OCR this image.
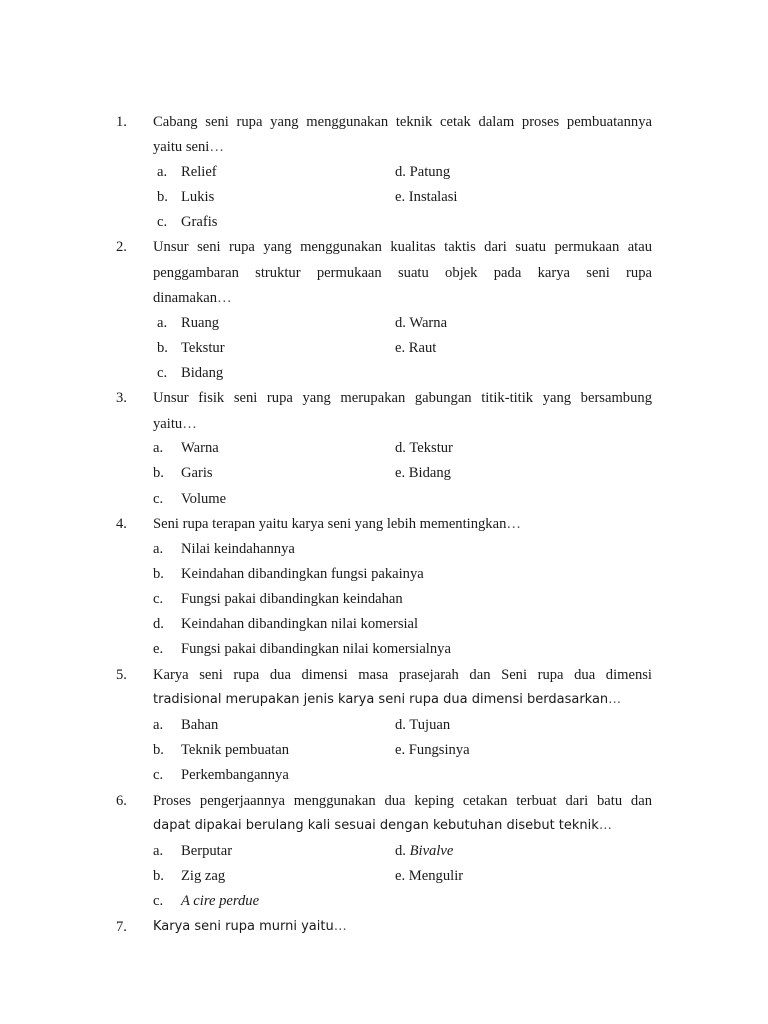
1. Cabang seni rupa yang menggunakan teknik cetak dalam proses pembuatannya
yaitu seni…
a. Relief	d. Patung
b. Lukis	e. Instalasi
c. Grafis
2. Unsur seni rupa yang menggunakan kualitas taktis dari suatu permukaan atau
penggambaran struktur permukaan suatu objek pada karya seni rupa
dinamakan…
a. Ruang	d. Warna
b. Tekstur	e. Raut
c. Bidang
3. Unsur fisik seni rupa yang merupakan gabungan titik-titik yang bersambung
yaitu…
a. Warna	d. Tekstur
b. Garis	e. Bidang
c. Volume
4. Seni rupa terapan yaitu karya seni yang lebih mementingkan…
a. Nilai keindahannya
b. Keindahan dibandingkan fungsi pakainya
c. Fungsi pakai dibandingkan keindahan
d. Keindahan dibandingkan nilai komersial
e. Fungsi pakai dibandingkan nilai komersialnya
5. Karya seni rupa dua dimensi masa prasejarah dan Seni rupa dua dimensi
tradisional merupakan jenis karya seni rupa dua dimensi berdasarkan…
a. Bahan	d. Tujuan
b. Teknik pembuatan	e. Fungsinya
c. Perkembangannya
6. Proses pengerjaannya menggunakan dua keping cetakan terbuat dari batu dan
dapat dipakai berulang kali sesuai dengan kebutuhan disebut teknik…
a. Berputar	d. Bivalve
b. Zig zag	e. Mengulir
c. A cire perdue
7. Karya seni rupa murni yaitu…
